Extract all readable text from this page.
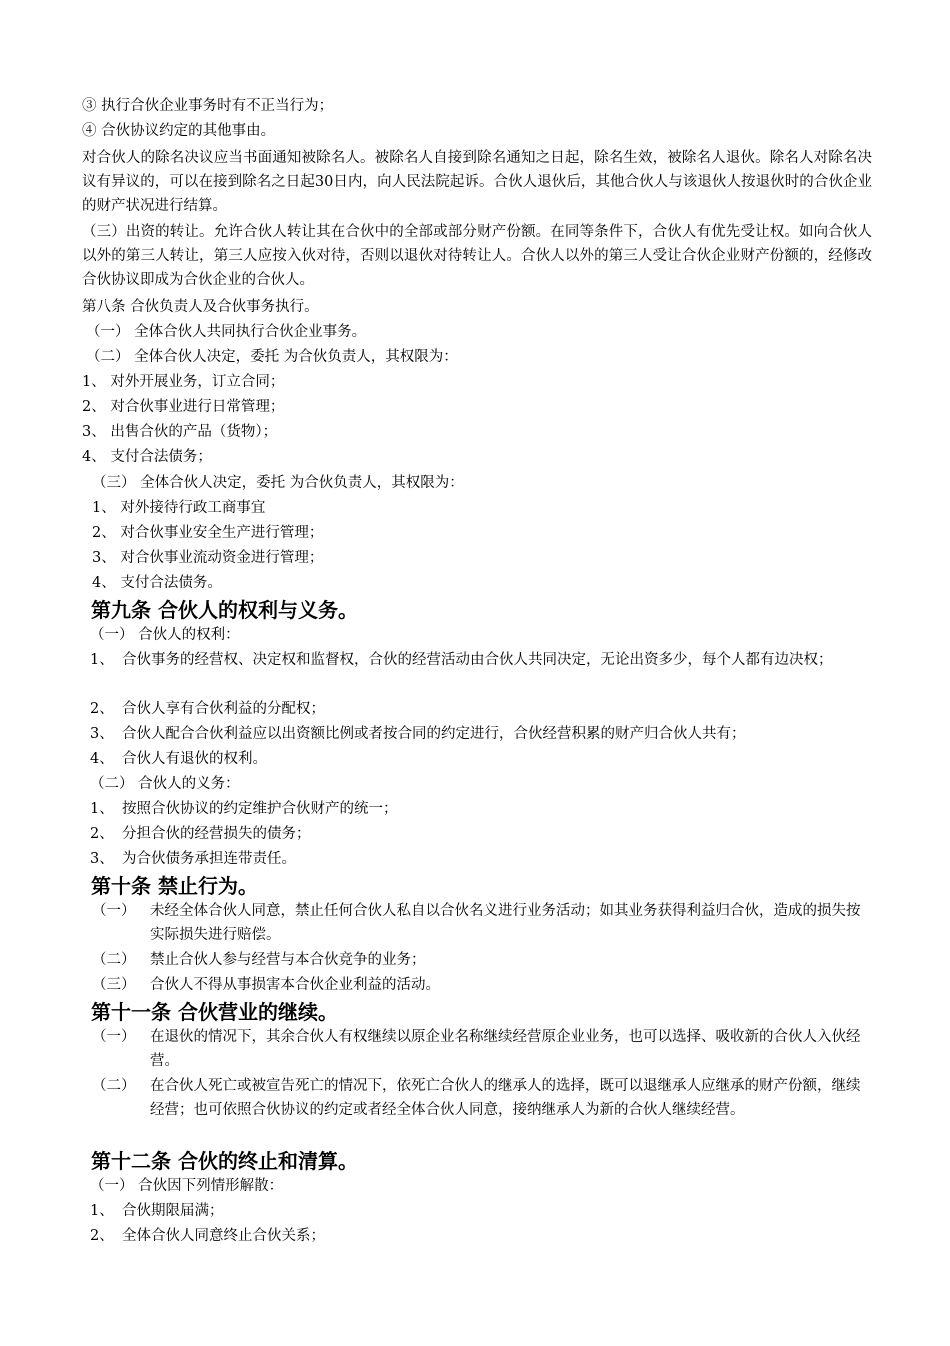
③ 执行合伙企业事务时有不正当行为；
④ 合伙协议约定的其他事由。
对合伙人的除名决议应当书面通知被除名人。被除名人自接到除名通知之日起，除名生效，被除名人退伙。除名人对除名决议有异议的，可以在接到除名之日起30日内，向人民法院起诉。合伙人退伙后，其他合伙人与该退伙人按退伙时的合伙企业的财产状况进行结算。
（三）出资的转让。允许合伙人转让其在合伙中的全部或部分财产份额。在同等条件下，合伙人有优先受让权。如向合伙人以外的第三人转让，第三人应按入伙对待，否则以退伙对待转让人。合伙人以外的第三人受让合伙企业财产份额的，经修改合伙协议即成为合伙企业的合伙人。
第八条 合伙负责人及合伙事务执行。
（一） 全体合伙人共同执行合伙企业事务。
（二） 全体合伙人决定，委托 为合伙负责人，其权限为：
1、 对外开展业务，订立合同；
2、 对合伙事业进行日常管理；
3、 出售合伙的产品（货物）；
4、 支付合法债务；
（三） 全体合伙人决定，委托 为合伙负责人，其权限为：
1、 对外接待行政工商事宜
2、 对合伙事业安全生产进行管理；
3、 对合伙事业流动资金进行管理；
4、 支付合法债务。
第九条 合伙人的权利与义务。
（一） 合伙人的权利：
1、 合伙事务的经营权、决定权和监督权，合伙的经营活动由合伙人共同决定，无论出资多少，每个人都有边决权；
2、 合伙人享有合伙利益的分配权；
3、 合伙人配合合伙利益应以出资额比例或者按合同的约定进行，合伙经营积累的财产归合伙人共有；
4、 合伙人有退伙的权利。
（二） 合伙人的义务：
1、 按照合伙协议的约定维护合伙财产的统一；
2、 分担合伙的经营损失的债务；
3、 为合伙债务承担连带责任。
第十条 禁止行为。
（一） 未经全体合伙人同意，禁止任何合伙人私自以合伙名义进行业务活动；如其业务获得利益归合伙，造成的损失按实际损失进行赔偿。
（二） 禁止合伙人参与经营与本合伙竞争的业务；
（三） 合伙人不得从事损害本合伙企业利益的活动。
第十一条 合伙营业的继续。
（一） 在退伙的情况下，其余合伙人有权继续以原企业名称继续经营原企业业务，也可以选择、吸收新的合伙人入伙经营。
（二） 在合伙人死亡或被宣告死亡的情况下，依死亡合伙人的继承人的选择，既可以退继承人应继承的财产份额，继续经营；也可依照合伙协议的约定或者经全体合伙人同意，接纳继承人为新的合伙人继续经营。
第十二条 合伙的终止和清算。
（一） 合伙因下列情形解散：
1、 合伙期限届满；
2、 全体合伙人同意终止合伙关系；
